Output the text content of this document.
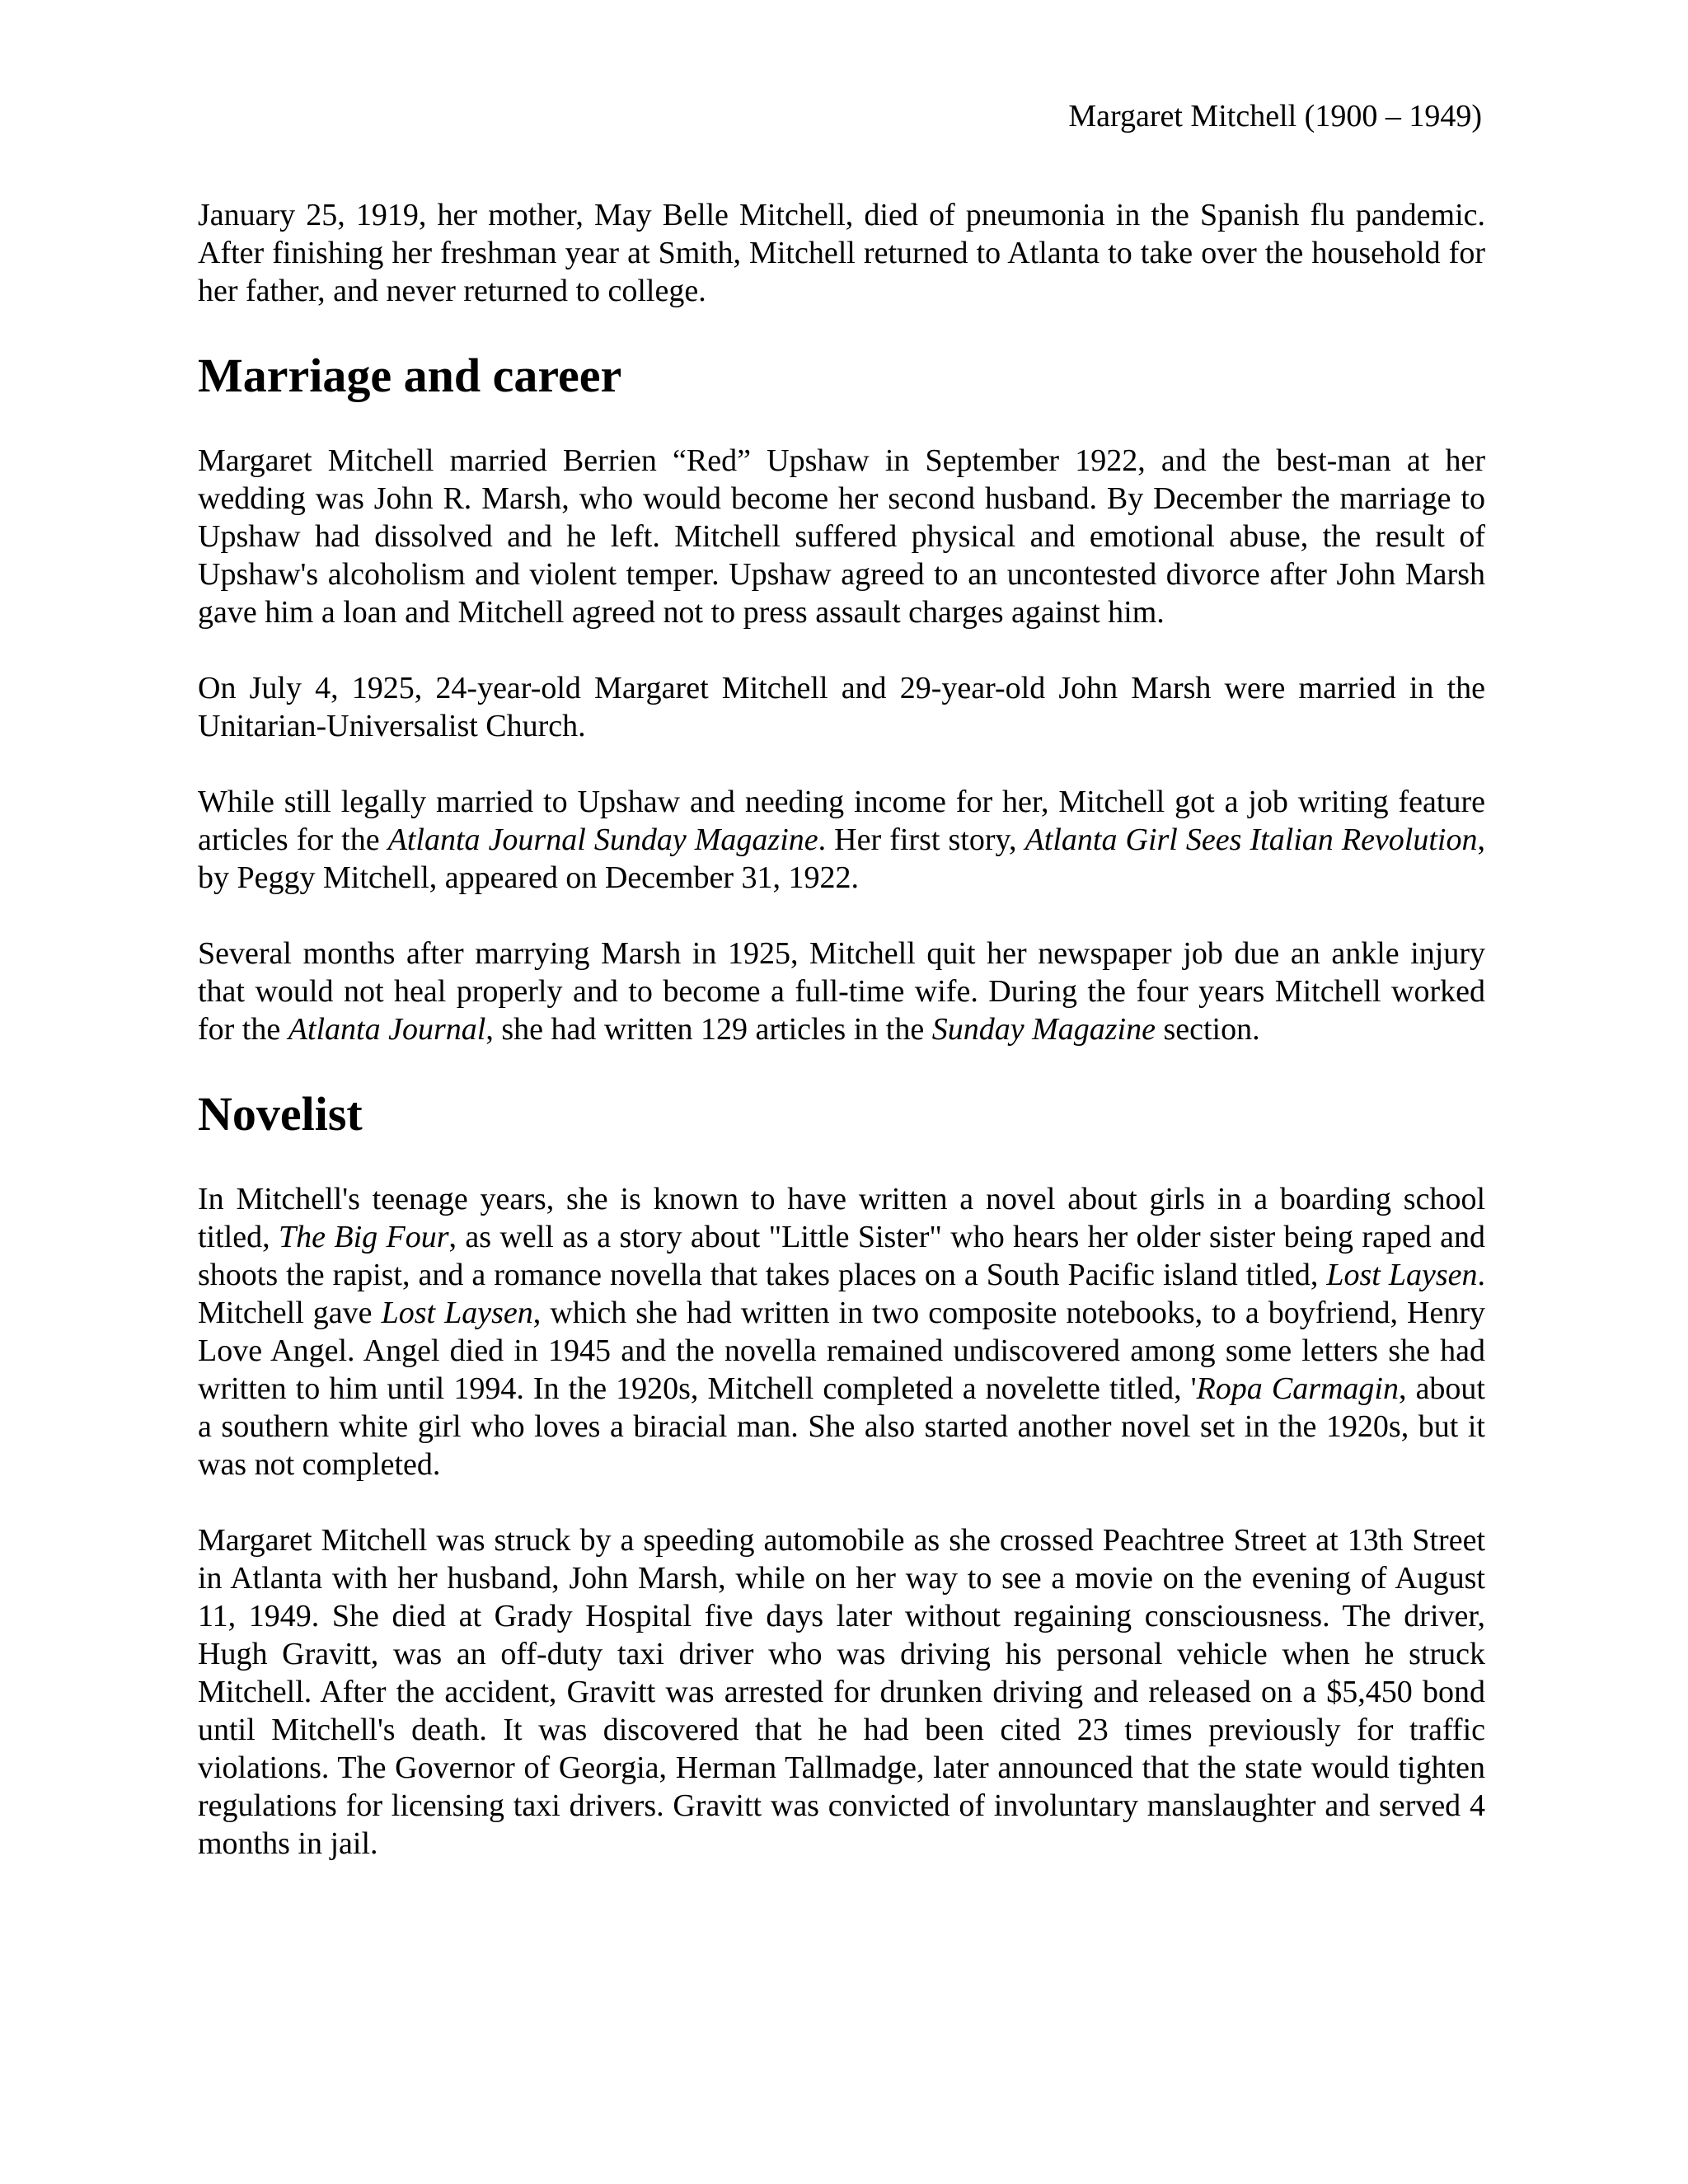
Margaret Mitchell (1900 – 1949)

January 25, 1919, her mother, May Belle Mitchell, died of pneumonia in the Spanish flu pandemic. After finishing her freshman year at Smith, Mitchell returned to Atlanta to take over the household for her father, and never returned to college.

Marriage and career

Margaret Mitchell married Berrien “Red” Upshaw in September 1922, and the best-man at her wedding was John R. Marsh, who would become her second husband. By December the marriage to Upshaw had dissolved and he left. Mitchell suffered physical and emotional abuse, the result of Upshaw's alcoholism and violent temper. Upshaw agreed to an uncontested divorce after John Marsh gave him a loan and Mitchell agreed not to press assault charges against him.

On July 4, 1925, 24-year-old Margaret Mitchell and 29-year-old John Marsh were married in the Unitarian-Universalist Church.

While still legally married to Upshaw and needing income for her, Mitchell got a job writing feature articles for the Atlanta Journal Sunday Magazine. Her first story, Atlanta Girl Sees Italian Revolution, by Peggy Mitchell, appeared on December 31, 1922.

Several months after marrying Marsh in 1925, Mitchell quit her newspaper job due an ankle injury that would not heal properly and to become a full-time wife. During the four years Mitchell worked for the Atlanta Journal, she had written 129 articles in the Sunday Magazine section.

Novelist

In Mitchell's teenage years, she is known to have written a novel about girls in a boarding school titled, The Big Four, as well as a story about "Little Sister" who hears her older sister being raped and shoots the rapist, and a romance novella that takes places on a South Pacific island titled, Lost Laysen. Mitchell gave Lost Laysen, which she had written in two composite notebooks, to a boyfriend, Henry Love Angel. Angel died in 1945 and the novella remained undiscovered among some letters she had written to him until 1994. In the 1920s, Mitchell completed a novelette titled, 'Ropa Carmagin, about a southern white girl who loves a biracial man. She also started another novel set in the 1920s, but it was not completed.

Margaret Mitchell was struck by a speeding automobile as she crossed Peachtree Street at 13th Street in Atlanta with her husband, John Marsh, while on her way to see a movie on the evening of August 11, 1949. She died at Grady Hospital five days later without regaining consciousness. The driver, Hugh Gravitt, was an off-duty taxi driver who was driving his personal vehicle when he struck Mitchell. After the accident, Gravitt was arrested for drunken driving and released on a $5,450 bond until Mitchell's death. It was discovered that he had been cited 23 times previously for traffic violations. The Governor of Georgia, Herman Tallmadge, later announced that the state would tighten regulations for licensing taxi drivers. Gravitt was convicted of involuntary manslaughter and served 4 months in jail.
